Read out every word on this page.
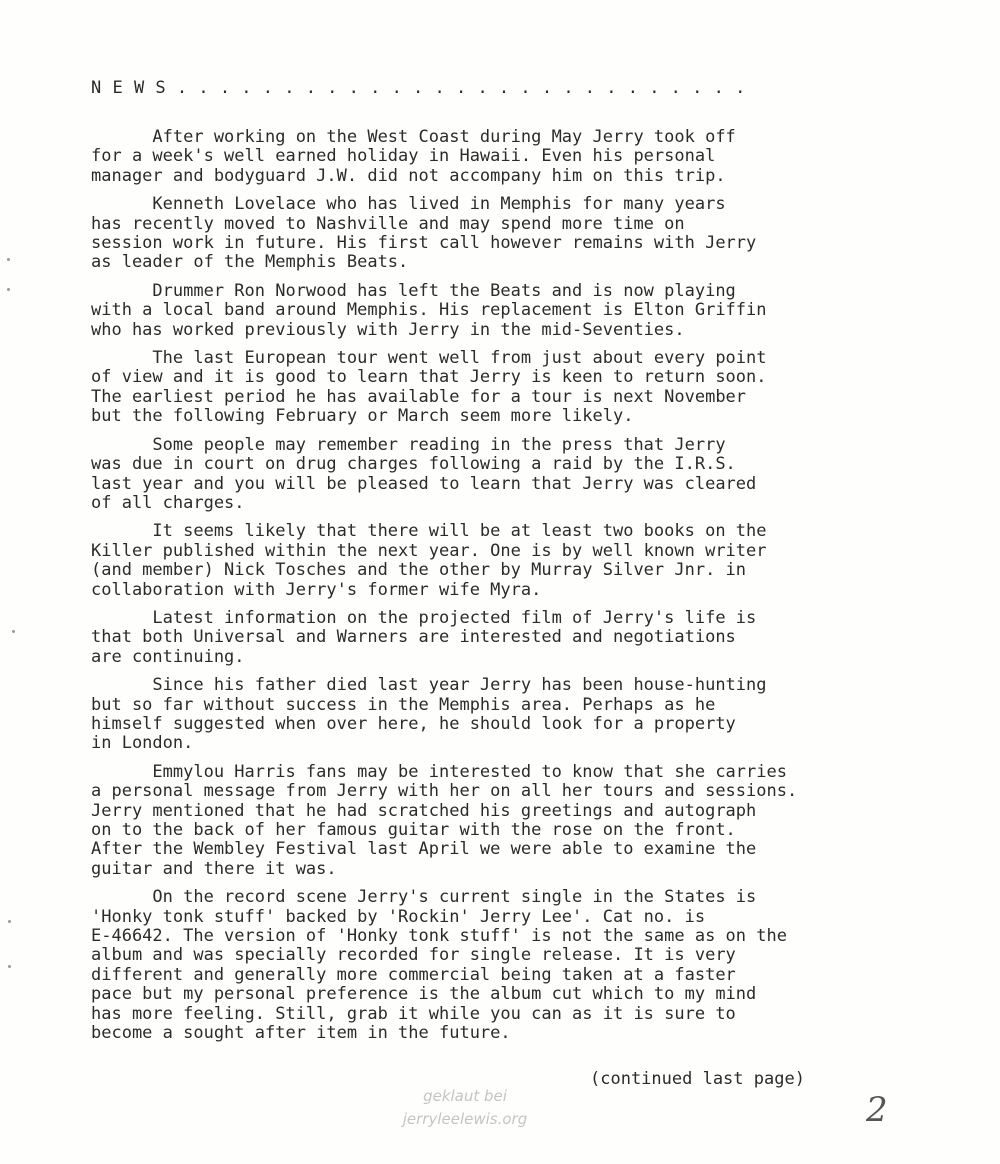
N E W S . . . . . . . . . . . . . . . . . . . . . . . . . . .
After working on the West Coast during May Jerry took off
for a week's well earned holiday in Hawaii. Even his personal
manager and bodyguard J.W. did not accompany him on this trip.
Kenneth Lovelace who has lived in Memphis for many years
has recently moved to Nashville and may spend more time on
session work in future. His first call however remains with Jerry
as leader of the Memphis Beats.
Drummer Ron Norwood has left the Beats and is now playing
with a local band around Memphis. His replacement is Elton Griffin
who has worked previously with Jerry in the mid-Seventies.
The last European tour went well from just about every point
of view and it is good to learn that Jerry is keen to return soon.
The earliest period he has available for a tour is next November
but the following February or March seem more likely.
Some people may remember reading in the press that Jerry
was due in court on drug charges following a raid by the I.R.S.
last year and you will be pleased to learn that Jerry was cleared
of all charges.
It seems likely that there will be at least two books on the
Killer published within the next year. One is by well known writer
(and member) Nick Tosches and the other by Murray Silver Jnr. in
collaboration with Jerry's former wife Myra.
Latest information on the projected film of Jerry's life is
that both Universal and Warners are interested and negotiations
are continuing.
Since his father died last year Jerry has been house-hunting
but so far without success in the Memphis area. Perhaps as he
himself suggested when over here, he should look for a property
in London.
Emmylou Harris fans may be interested to know that she carries
a personal message from Jerry with her on all her tours and sessions.
Jerry mentioned that he had scratched his greetings and autograph
on to the back of her famous guitar with the rose on the front.
After the Wembley Festival last April we were able to examine the
guitar and there it was.
On the record scene Jerry's current single in the States is
'Honky tonk stuff' backed by 'Rockin' Jerry Lee'. Cat no. is
E-46642. The version of 'Honky tonk stuff' is not the same as on the
album and was specially recorded for single release. It is very
different and generally more commercial being taken at a faster
pace but my personal preference is the album cut which to my mind
has more feeling. Still, grab it while you can as it is sure to
become a sought after item in the future.
(continued last page)
geklaut bei
jerryleelewis.org	2
